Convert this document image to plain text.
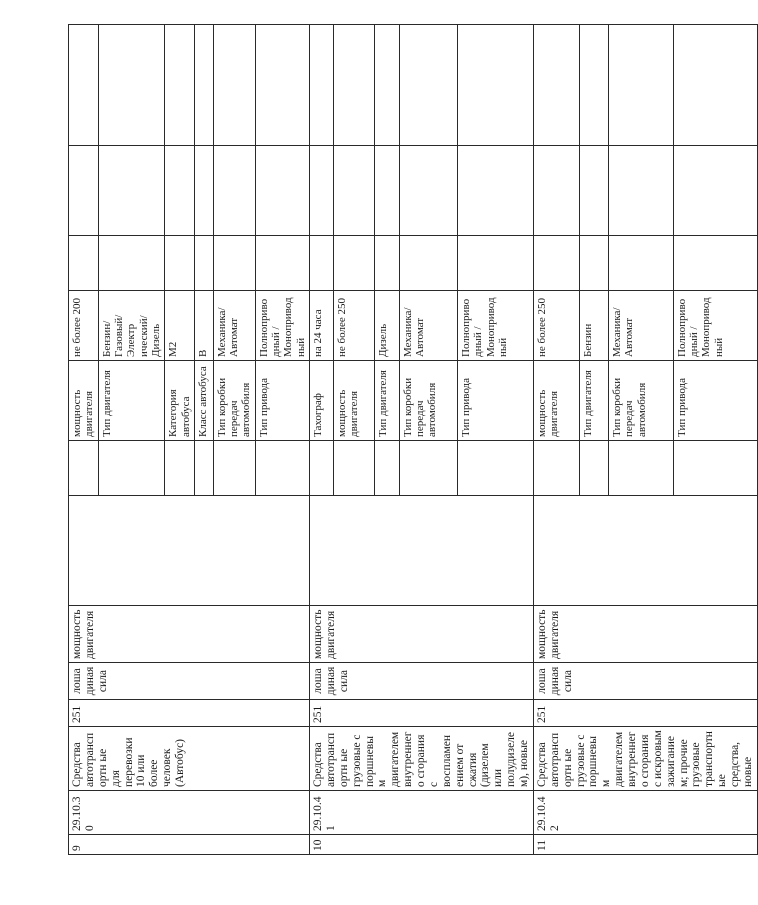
9	29.10.30	Средства автотранспортн ые для перевозки 10 или более человек (Автобус)	251	лошадиная сила	мощность двигателя			мощность двигателя	не более 200			
								Тип двигателя	Бензин/Газовый/Электр ический/Дизель			
								Категория автобуса	М2			
								Класс автобуса	В			
								Тип коробки передач автомобиля	Механика/Автомат			
								Тип привода	Полноприводный /Моноприводный			
10	29.10.41	Средства автотранспортн ые грузовые с поршневым двигателем внутреннего сгорания с воспламенением от сжатия (дизелем или полудизелем), новые	251	лошадиная сила	мощность двигателя			Тахограф	на 24 часа			
								мощность двигателя	не более 250			
								Тип двигателя	Дизель			
								Тип коробки передач автомобиля	Механика/Автомат			
								Тип привода	Полноприводный /Моноприводный			
11	29.10.42	Средства автотранспортн ые грузовые с поршневым двигателем внутреннего сгорания с искровым зажиганием; прочие грузовые транспортные средства, новые	251	лошадиная сила	мощность двигателя			мощность двигателя	не более 250			
								Тип двигателя	Бензин			
								Тип коробки передач автомобиля	Механика/Автомат			
								Тип привода	Полноприводный /Моноприводный			
